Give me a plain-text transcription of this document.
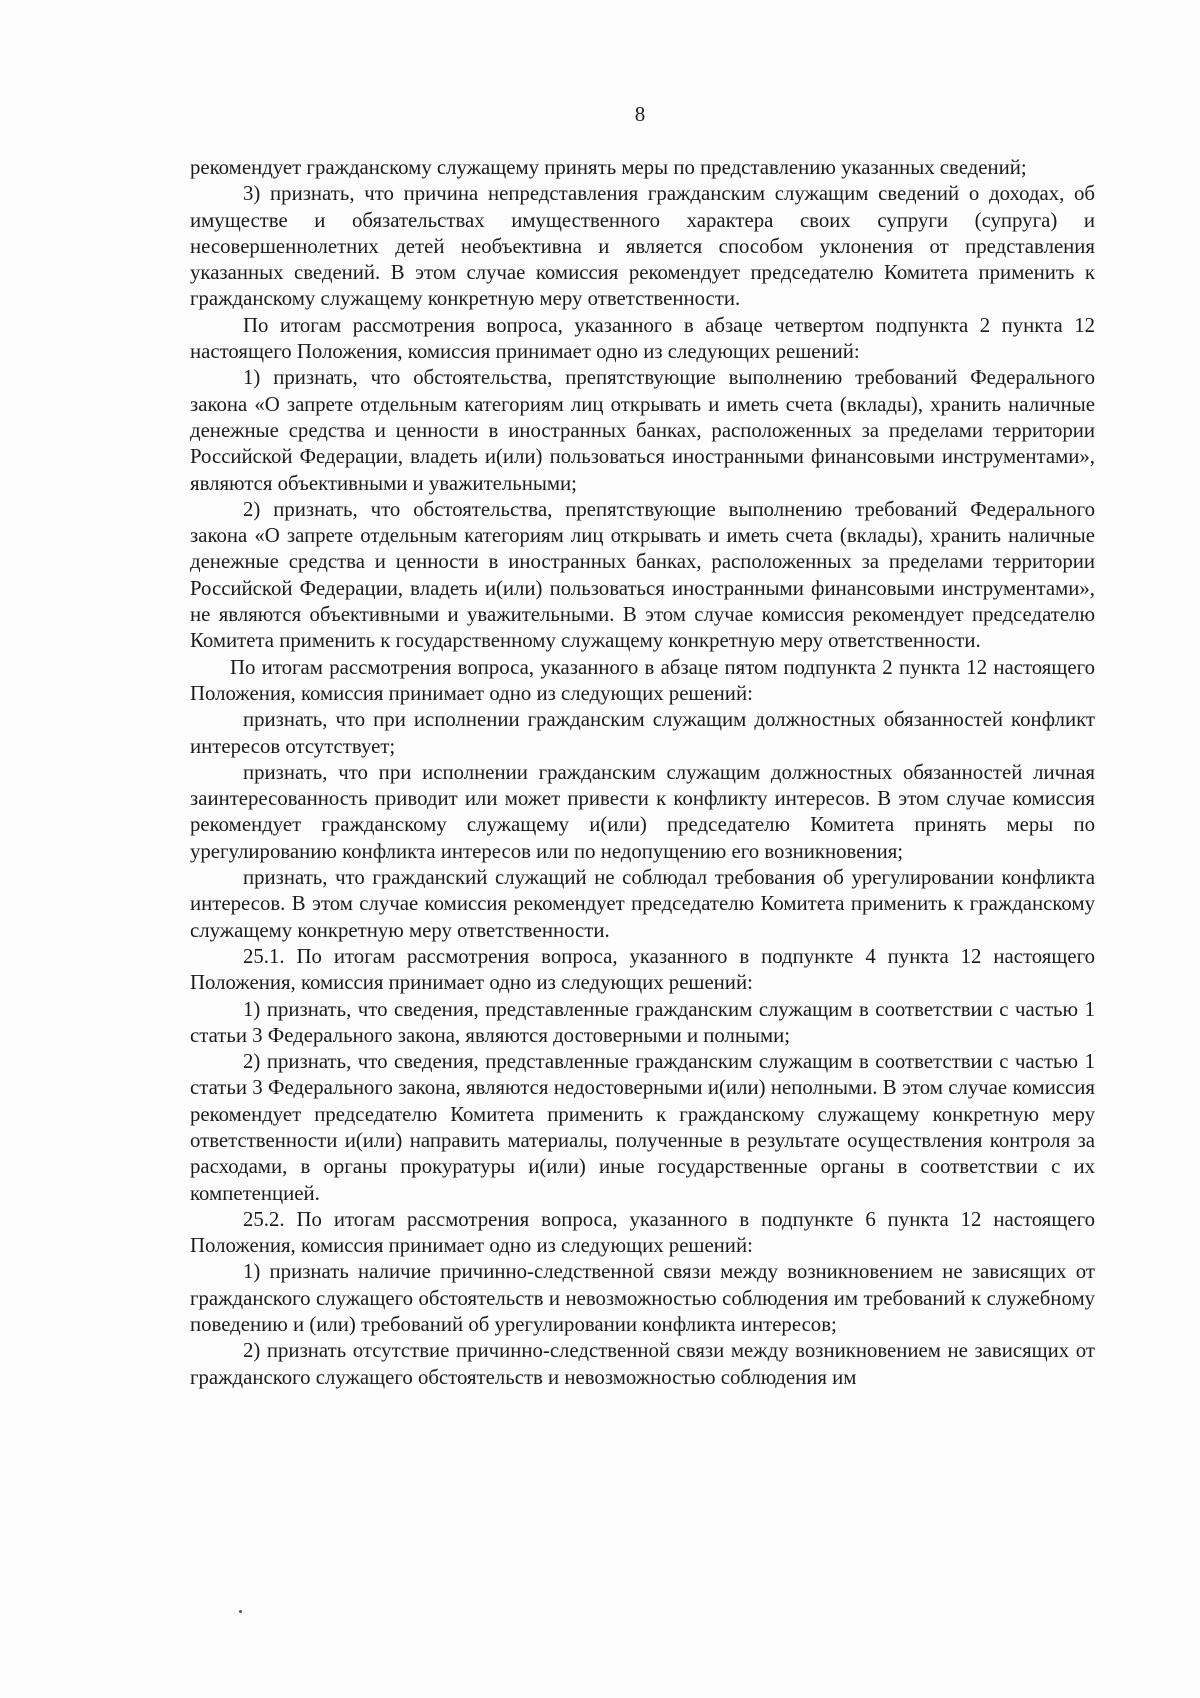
8

рекомендует гражданскому служащему принять меры по представлению указанных сведений;

3) признать, что причина непредставления гражданским служащим сведений о доходах, об имуществе и обязательствах имущественного характера своих супруги (супруга) и несовершеннолетних детей необъективна и является способом уклонения от представления указанных сведений. В этом случае комиссия рекомендует председателю Комитета применить к гражданскому служащему конкретную меру ответственности.

По итогам рассмотрения вопроса, указанного в абзаце четвертом подпункта 2 пункта 12 настоящего Положения, комиссия принимает одно из следующих решений:

1) признать, что обстоятельства, препятствующие выполнению требований Федерального закона «О запрете отдельным категориям лиц открывать и иметь счета (вклады), хранить наличные денежные средства и ценности в иностранных банках, расположенных за пределами территории Российской Федерации, владеть и(или) пользоваться иностранными финансовыми инструментами», являются объективными и уважительными;

2) признать, что обстоятельства, препятствующие выполнению требований Федерального закона «О запрете отдельным категориям лиц открывать и иметь счета (вклады), хранить наличные денежные средства и ценности в иностранных банках, расположенных за пределами территории Российской Федерации, владеть и(или) пользоваться иностранными финансовыми инструментами», не являются объективными и уважительными. В этом случае комиссия рекомендует председателю Комитета применить к государственному служащему конкретную меру ответственности.

По итогам рассмотрения вопроса, указанного в абзаце пятом подпункта 2 пункта 12 настоящего Положения, комиссия принимает одно из следующих решений:

признать, что при исполнении гражданским служащим должностных обязанностей конфликт интересов отсутствует;

признать, что при исполнении гражданским служащим должностных обязанностей личная заинтересованность приводит или может привести к конфликту интересов. В этом случае комиссия рекомендует гражданскому служащему и(или) председателю Комитета принять меры по урегулированию конфликта интересов или по недопущению его возникновения;

признать, что гражданский служащий не соблюдал требования об урегулировании конфликта интересов. В этом случае комиссия рекомендует председателю Комитета применить к гражданскому служащему конкретную меру ответственности.

25.1. По итогам рассмотрения вопроса, указанного в подпункте 4 пункта 12 настоящего Положения, комиссия принимает одно из следующих решений:

1) признать, что сведения, представленные гражданским служащим в соответствии с частью 1 статьи 3 Федерального закона, являются достоверными и полными;

2) признать, что сведения, представленные гражданским служащим в соответствии с частью 1 статьи 3 Федерального закона, являются недостоверными и(или) неполными. В этом случае комиссия рекомендует председателю Комитета применить к гражданскому служащему конкретную меру ответственности и(или) направить материалы, полученные в результате осуществления контроля за расходами, в органы прокуратуры и(или) иные государственные органы в соответствии с их компетенцией.

25.2. По итогам рассмотрения вопроса, указанного в подпункте 6 пункта 12 настоящего Положения, комиссия принимает одно из следующих решений:

1) признать наличие причинно-следственной связи между возникновением не зависящих от гражданского служащего обстоятельств и невозможностью соблюдения им требований к служебному поведению и (или) требований об урегулировании конфликта интересов;

2) признать отсутствие причинно-следственной связи между возникновением не зависящих от гражданского служащего обстоятельств и невозможностью соблюдения им
